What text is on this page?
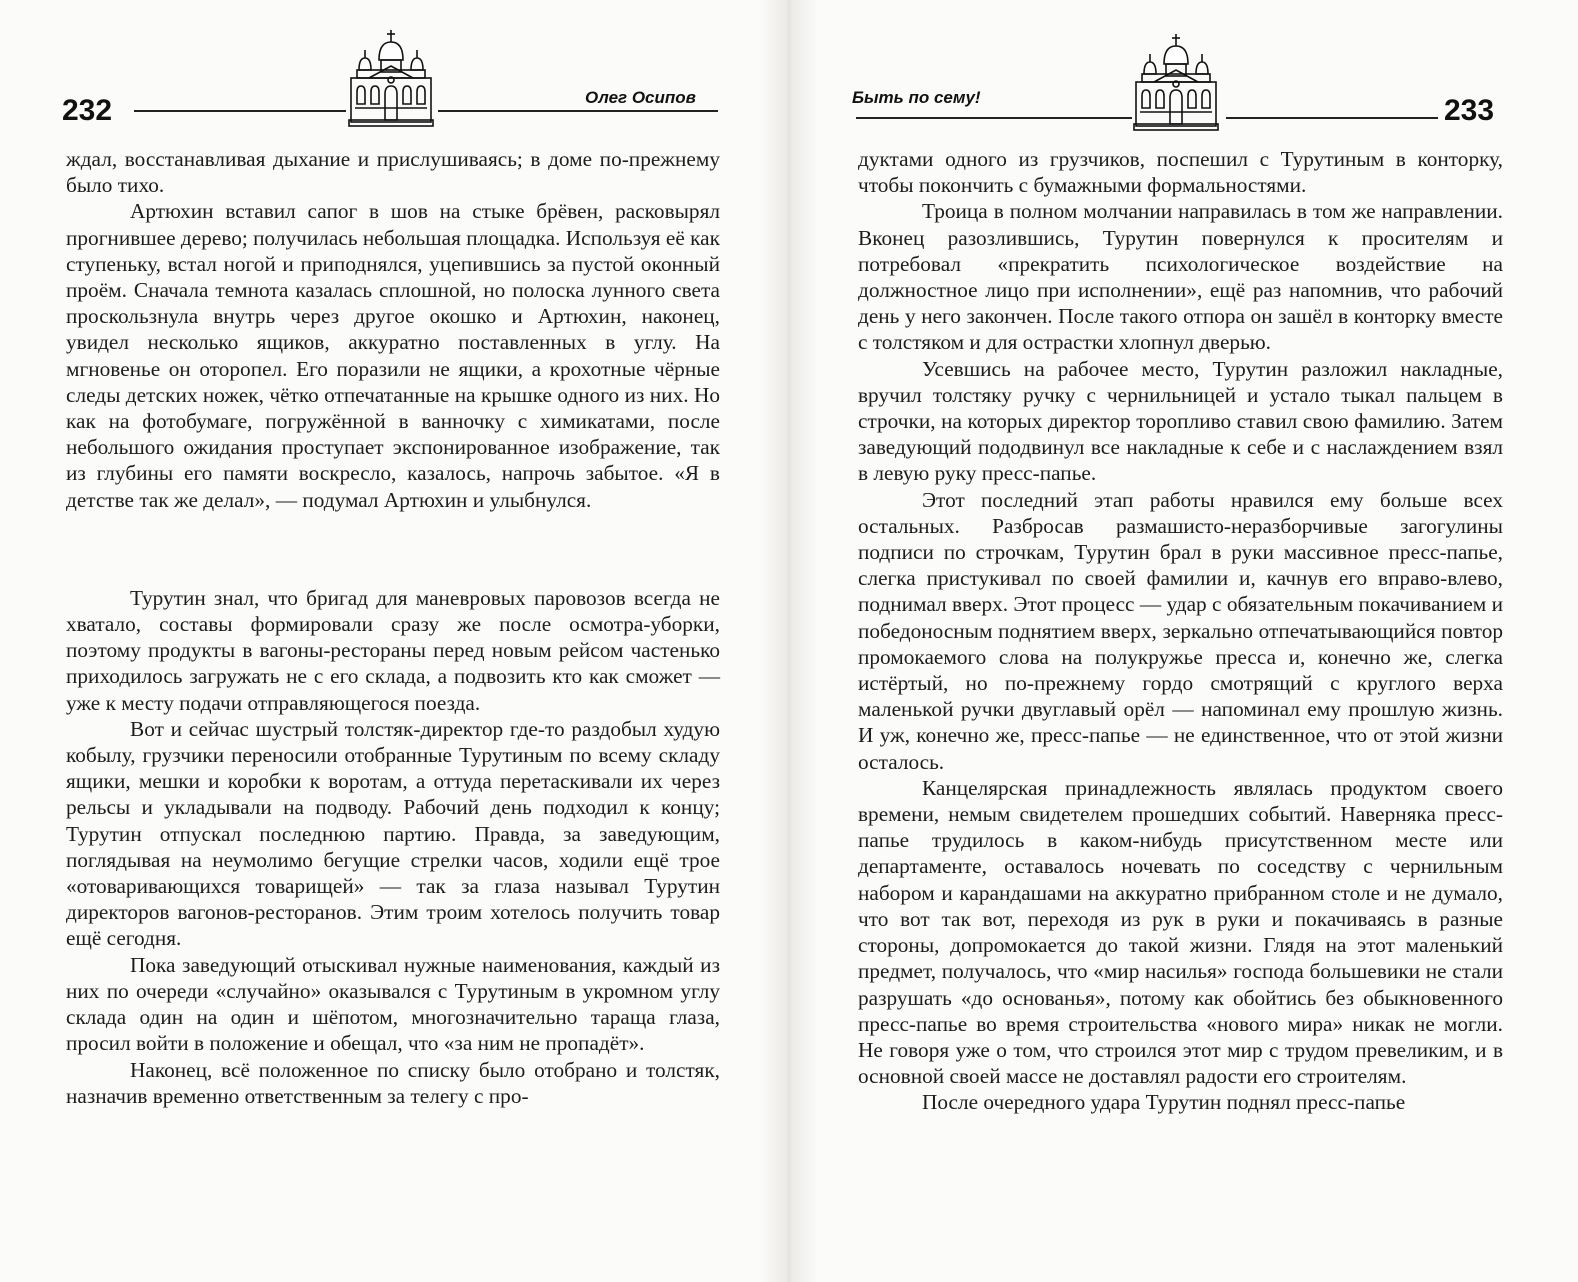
232	Олег Осипов

ждал, восстанавливая дыхание и прислушиваясь; в доме по-прежнему было тихо.

Артюхин вставил сапог в шов на стыке брёвен, расковырял прогнившее дерево; получилась небольшая площадка. Используя её как ступеньку, встал ногой и приподнялся, уцепившись за пустой оконный проём. Сначала темнота казалась сплошной, но полоска лунного света проскользнула внутрь через другое окошко и Артюхин, наконец, увидел несколько ящиков, аккуратно поставленных в углу. На мгновенье он оторопел. Его поразили не ящики, а крохотные чёрные следы детских ножек, чётко отпечатанные на крышке одного из них. Но как на фотобумаге, погружённой в ванночку с химикатами, после небольшого ожидания проступает экспонированное изображение, так из глубины его памяти воскресло, казалось, напрочь забытое. «Я в детстве так же делал», — подумал Артюхин и улыбнулся.

Турутин знал, что бригад для маневровых паровозов всегда не хватало, составы формировали сразу же после осмотра-уборки, поэтому продукты в вагоны-рестораны перед новым рейсом частенько приходилось загружать не с его склада, а подвозить кто как сможет — уже к месту подачи отправляющегося поезда.

Вот и сейчас шустрый толстяк-директор где-то раздобыл худую кобылу, грузчики переносили отобранные Турутиным по всему складу ящики, мешки и коробки к воротам, а оттуда перетаскивали их через рельсы и укладывали на подводу. Рабочий день подходил к концу; Турутин отпускал последнюю партию. Правда, за заведующим, поглядывая на неумолимо бегущие стрелки часов, ходили ещё трое «отоваривающихся товарищей» — так за глаза называл Турутин директоров вагонов-ресторанов. Этим троим хотелось получить товар ещё сегодня.

Пока заведующий отыскивал нужные наименования, каждый из них по очереди «случайно» оказывался с Турутиным в укромном углу склада один на один и шёпотом, многозначительно тараща глаза, просил войти в положение и обещал, что «за ним не пропадёт».

Наконец, всё положенное по списку было отобрано и толстяк, назначив временно ответственным за телегу с про-

Быть по сему!	233

дуктами одного из грузчиков, поспешил с Турутиным в конторку, чтобы покончить с бумажными формальностями.

Троица в полном молчании направилась в том же направлении. Вконец разозлившись, Турутин повернулся к просителям и потребовал «прекратить психологическое воздействие на должностное лицо при исполнении», ещё раз напомнив, что рабочий день у него закончен. После такого отпора он зашёл в конторку вместе с толстяком и для острастки хлопнул дверью.

Усевшись на рабочее место, Турутин разложил накладные, вручил толстяку ручку с чернильницей и устало тыкал пальцем в строчки, на которых директор торопливо ставил свою фамилию. Затем заведующий пододвинул все накладные к себе и с наслаждением взял в левую руку пресс-папье.

Этот последний этап работы нравился ему больше всех остальных. Разбросав размашисто-неразборчивые загогулины подписи по строчкам, Турутин брал в руки массивное пресс-папье, слегка пристукивал по своей фамилии и, качнув его вправо-влево, поднимал вверх. Этот процесс — удар с обязательным покачиванием и победоносным поднятием вверх, зеркально отпечатывающийся повтор промокаемого слова на полукружье пресса и, конечно же, слегка истёртый, но по-прежнему гордо смотрящий с круглого верха маленькой ручки двуглавый орёл — напоминал ему прошлую жизнь. И уж, конечно же, пресс-папье — не единственное, что от этой жизни осталось.

Канцелярская принадлежность являлась продуктом своего времени, немым свидетелем прошедших событий. Наверняка пресс-папье трудилось в каком-нибудь присутственном месте или департаменте, оставалось ночевать по соседству с чернильным набором и карандашами на аккуратно прибранном столе и не думало, что вот так вот, переходя из рук в руки и покачиваясь в разные стороны, допромокается до такой жизни. Глядя на этот маленький предмет, получалось, что «мир насилья» господа большевики не стали разрушать «до основанья», потому как обойтись без обыкновенного пресс-папье во время строительства «нового мира» никак не могли. Не говоря уже о том, что строился этот мир с трудом превеликим, и в основной своей массе не доставлял радости его строителям.

После очередного удара Турутин поднял пресс-папье
